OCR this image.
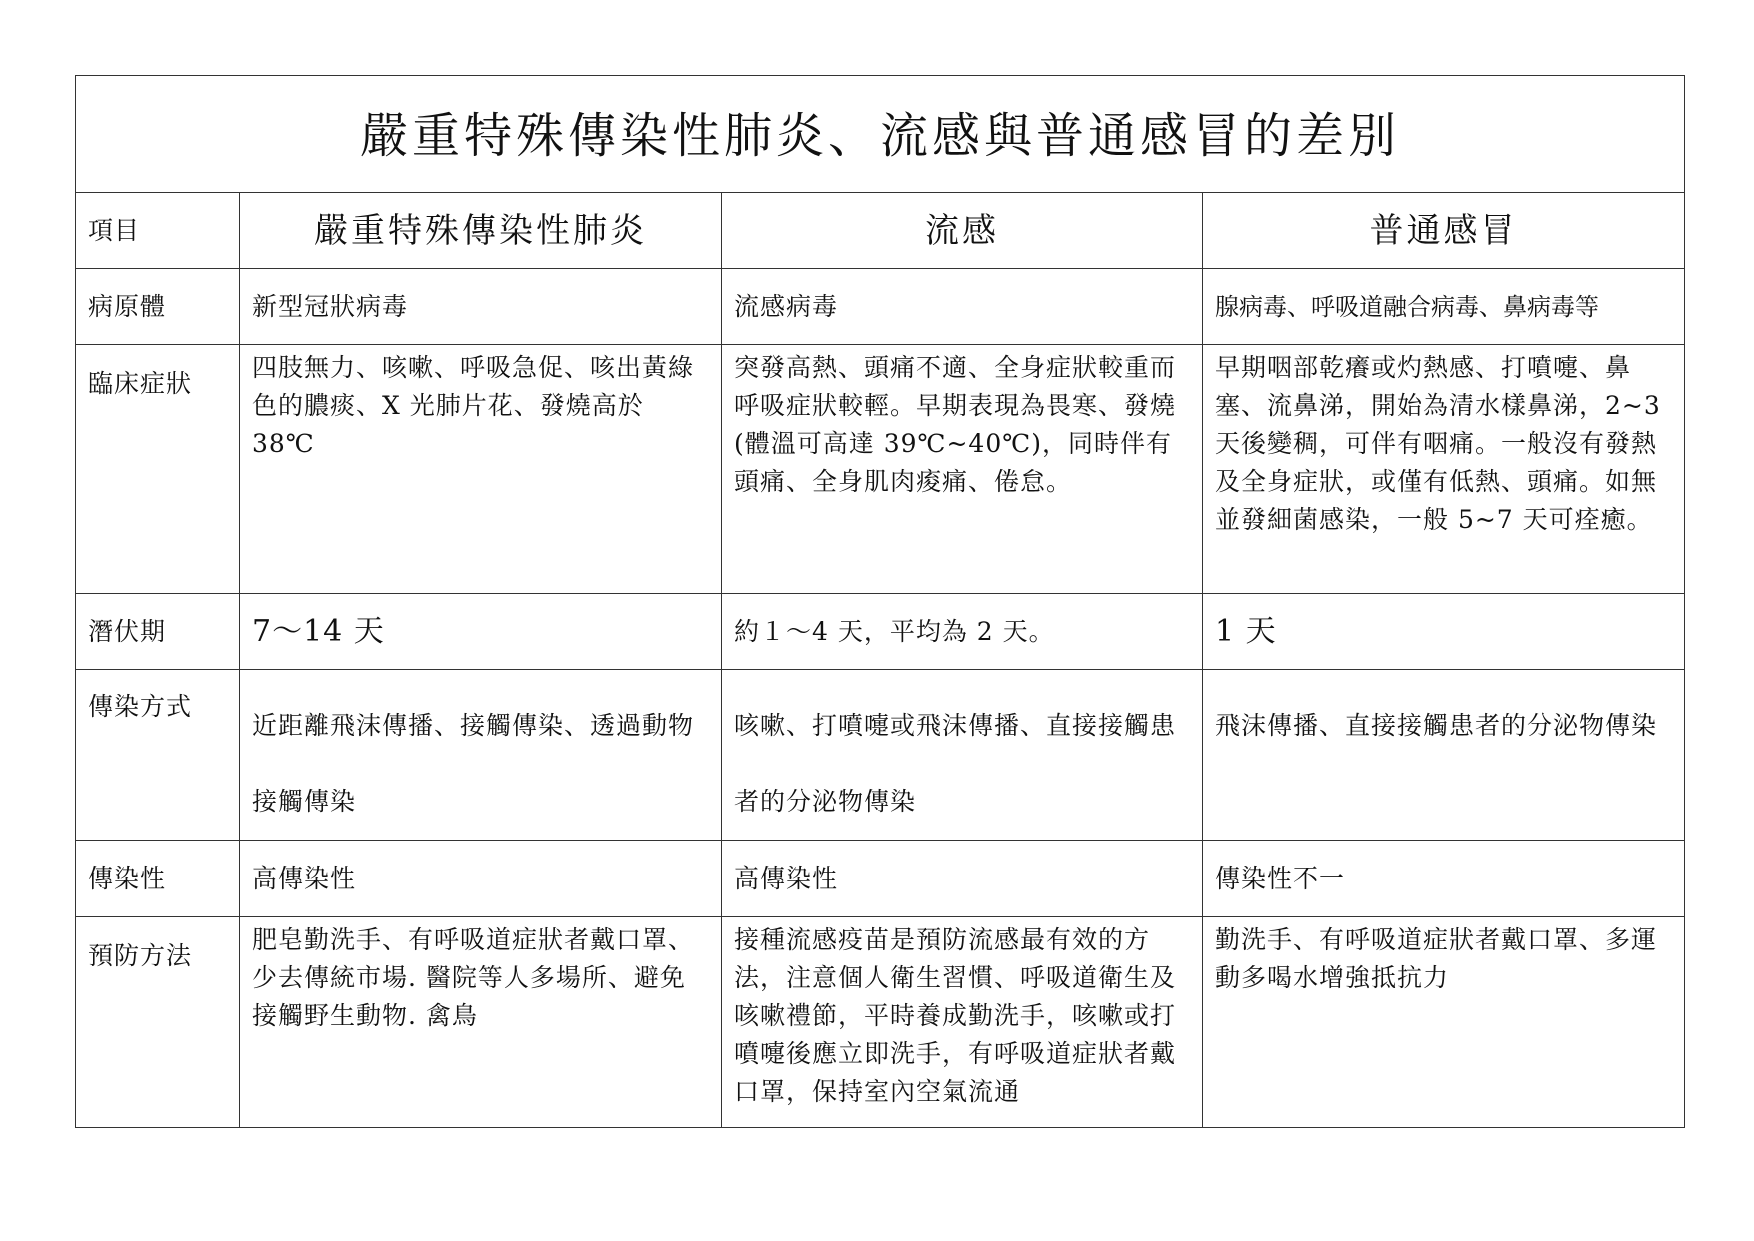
嚴重特殊傳染性肺炎、流感與普通感冒的差別			
項目	嚴重特殊傳染性肺炎	流感	普通感冒
病原體	新型冠狀病毒	流感病毒	腺病毒、呼吸道融合病毒、鼻病毒等
臨床症狀	四肢無力、咳嗽、呼吸急促、咳出黃綠色的膿痰、X 光肺片花、發燒高於 38℃	突發高熱、頭痛不適、全身症狀較重而呼吸症狀較輕。早期表現為畏寒、發燒(體溫可高達 39℃~40℃)，同時伴有頭痛、全身肌肉痠痛、倦怠。	早期咽部乾癢或灼熱感、打噴嚏、鼻塞、流鼻涕，開始為清水樣鼻涕，2~3 天後變稠，可伴有咽痛。一般沒有發熱及全身症狀，或僅有低熱、頭痛。如無並發細菌感染，一般 5~7 天可痊癒。
潛伏期	7～14 天	約１～4 天，平均為 2 天。	1 天
傳染方式	近距離飛沫傳播、接觸傳染、透過動物接觸傳染	咳嗽、打噴嚏或飛沫傳播、直接接觸患者的分泌物傳染	飛沫傳播、直接接觸患者的分泌物傳染
傳染性	高傳染性	高傳染性	傳染性不一
預防方法	肥皂勤洗手、有呼吸道症狀者戴口罩、少去傳統市場. 醫院等人多場所、避免接觸野生動物. 禽鳥	接種流感疫苗是預防流感最有效的方法，注意個人衛生習慣、呼吸道衛生及咳嗽禮節，平時養成勤洗手，咳嗽或打噴嚏後應立即洗手，有呼吸道症狀者戴口罩，保持室內空氣流通	勤洗手、有呼吸道症狀者戴口罩、多運動多喝水增強抵抗力
